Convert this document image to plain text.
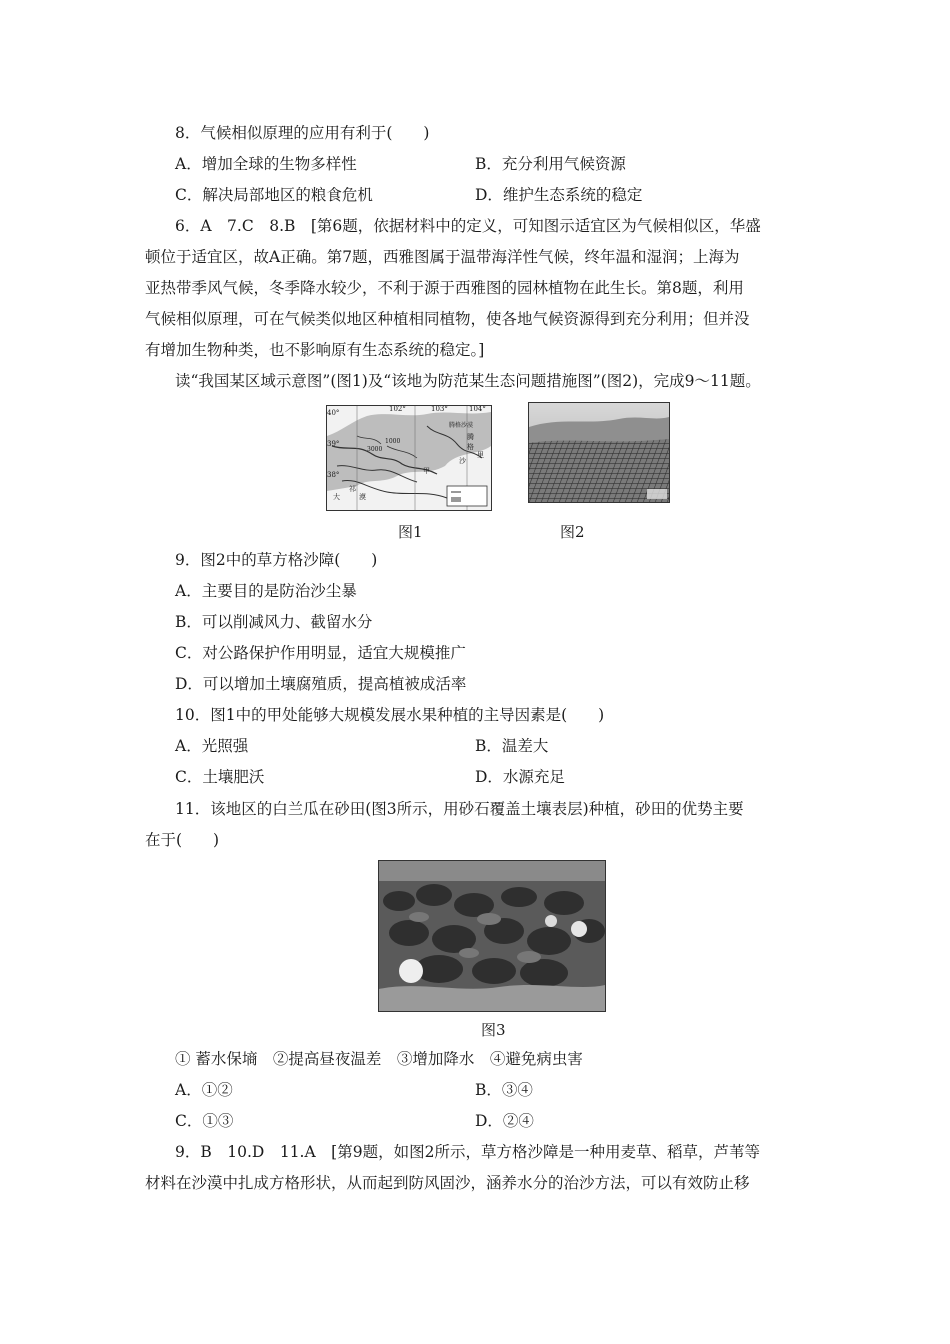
8．气候相似原理的应用有利于(　　)
A．增加全球的生物多样性	B．充分利用气候资源
C．解决局部地区的粮食危机	D．维护生态系统的稳定
6．A　7.C　8.B　[第6题，依据材料中的定义，可知图示适宜区为气候相似区，华盛
顿位于适宜区，故A正确。第7题，西雅图属于温带海洋性气候，终年温和湿润；上海为
亚热带季风气候，冬季降水较少，不利于源于西雅图的园林植物在此生长。第8题，利用
气候相似原理，可在气候类似地区种植相同植物，使各地气候资源得到充分利用；但并没
有增加生物种类，也不影响原有生态系统的稳定。]
读“我国某区域示意图”(图1)及“该地为防范某生态问题措施图”(图2)，完成9～11题。
102°	103°	104°
40°
39°
38°
腾格沙漠
腾
格
里
沙
甲
3000
1000
祁
大	漠
图1	图2
9．图2中的草方格沙障(　　)
A．主要目的是防治沙尘暴
B．可以削减风力、截留水分
C．对公路保护作用明显，适宜大规模推广
D．可以增加土壤腐殖质，提高植被成活率
10．图1中的甲处能够大规模发展水果种植的主导因素是(　　)
A．光照强	B．温差大
C．土壤肥沃	D．水源充足
11．该地区的白兰瓜在砂田(图3所示，用砂石覆盖土壤表层)种植，砂田的优势主要
在于(　　)
图3
① 蓄水保墒　②提高昼夜温差　③增加降水　④避免病虫害
A．①②	B．③④
C．①③	D．②④
9．B　10.D　11.A　[第9题，如图2所示，草方格沙障是一种用麦草、稻草，芦苇等
材料在沙漠中扎成方格形状，从而起到防风固沙，涵养水分的治沙方法，可以有效防止移
